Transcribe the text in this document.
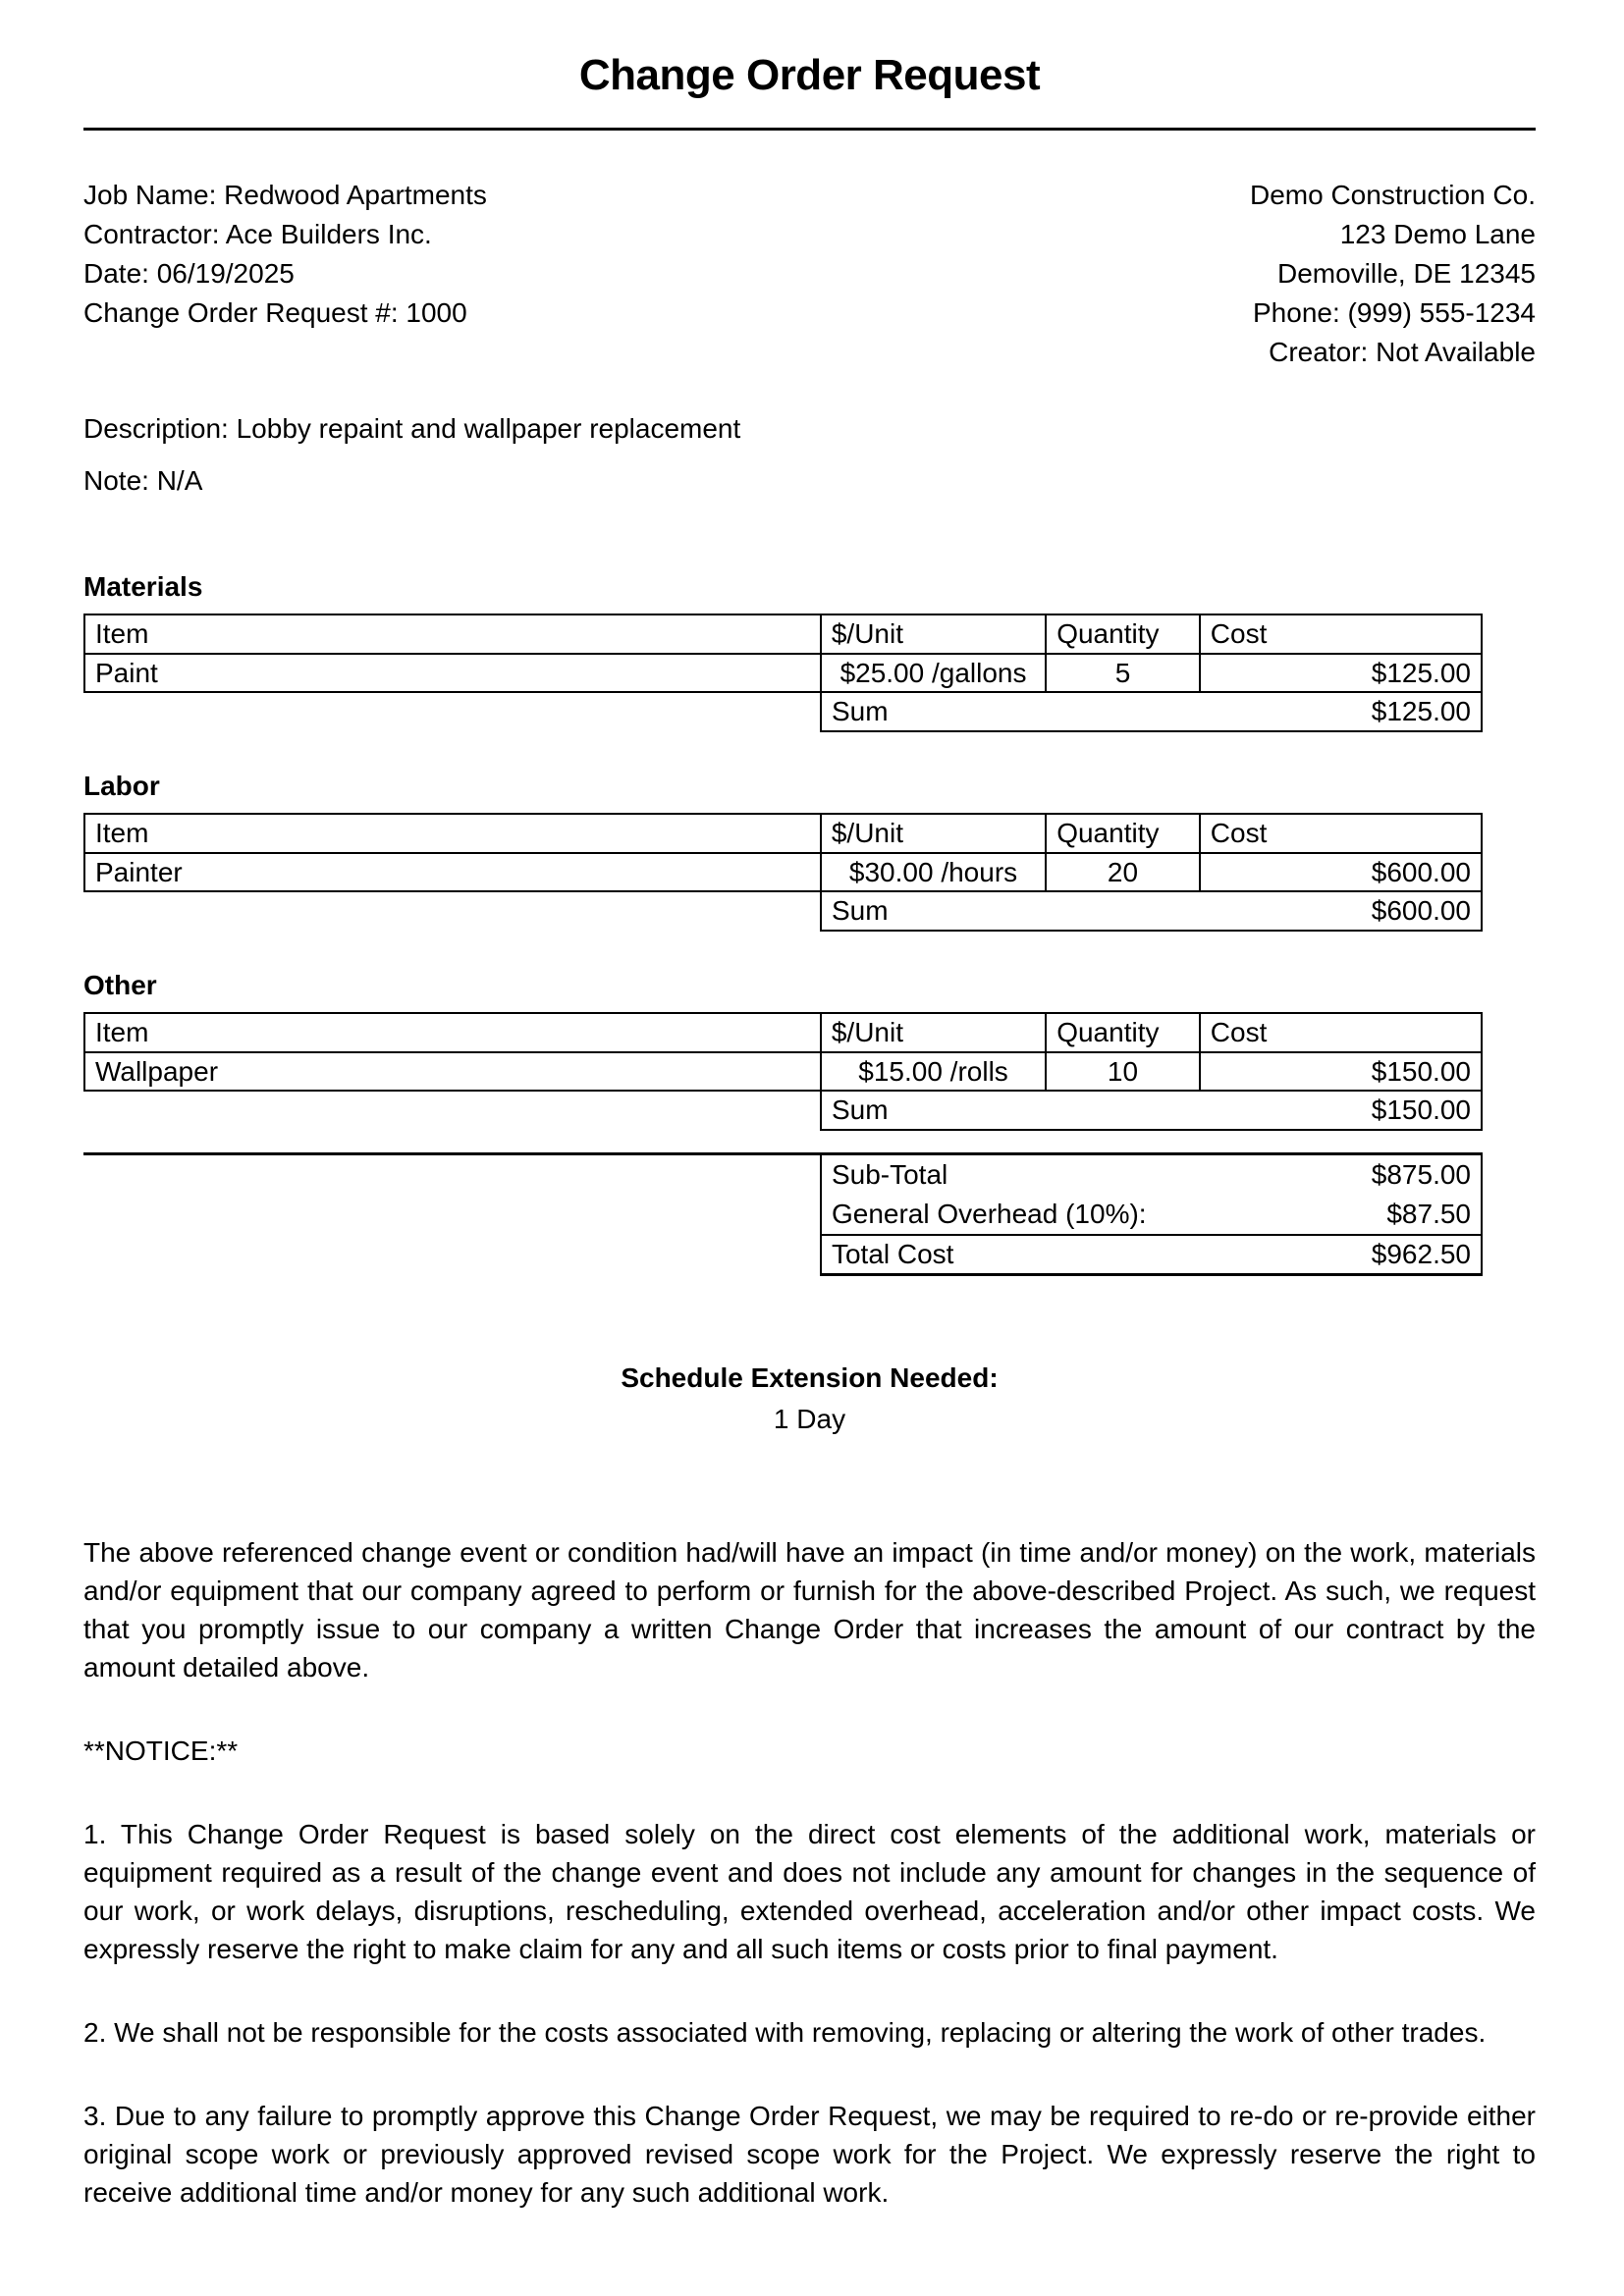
Change Order Request
Job Name: Redwood Apartments
Contractor: Ace Builders Inc.
Date: 06/19/2025
Change Order Request #: 1000
Demo Construction Co.
123 Demo Lane
Demoville, DE 12345
Phone: (999) 555-1234
Creator: Not Available
Description: Lobby repaint and wallpaper replacement
Note: N/A
Materials
Item	$/Unit	Quantity	Cost
Paint	$25.00 /gallons	5	$125.00
Sum	$125.00
Labor
Item	$/Unit	Quantity	Cost
Painter	$30.00 /hours	20	$600.00
Sum	$600.00
Other
Item	$/Unit	Quantity	Cost
Wallpaper	$15.00 /rolls	10	$150.00
Sum	$150.00
Sub-Total	$875.00
General Overhead (10%):	$87.50
Total Cost	$962.50
Schedule Extension Needed:
1 Day
The above referenced change event or condition had/will have an impact (in time and/or money) on the work, materials and/or equipment that our company agreed to perform or furnish for the above-described Project. As such, we request that you promptly issue to our company a written Change Order that increases the amount of our contract by the amount detailed above.
**NOTICE:**
1. This Change Order Request is based solely on the direct cost elements of the additional work, materials or equipment required as a result of the change event and does not include any amount for changes in the sequence of our work, or work delays, disruptions, rescheduling, extended overhead, acceleration and/or other impact costs. We expressly reserve the right to make claim for any and all such items or costs prior to final payment.
2. We shall not be responsible for the costs associated with removing, replacing or altering the work of other trades.
3. Due to any failure to promptly approve this Change Order Request, we may be required to re-do or re-provide either original scope work or previously approved revised scope work for the Project. We expressly reserve the right to receive additional time and/or money for any such additional work.
